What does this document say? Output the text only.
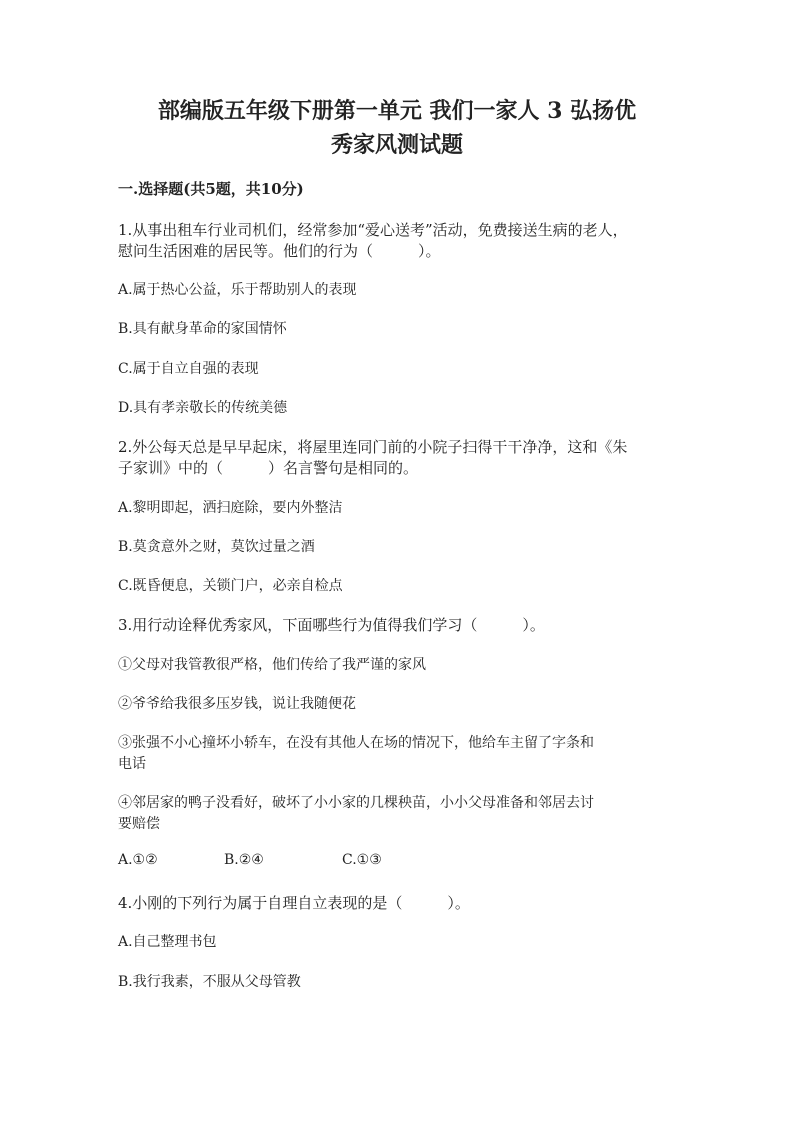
部编版五年级下册第一单元 我们一家人 3 弘扬优
秀家风测试题

一.选择题(共5题，共10分)

1.从事出租车行业司机们，经常参加“爱心送考”活动，免费接送生病的老人，

慰问生活困难的居民等。他们的行为（　　　）。

A.属于热心公益，乐于帮助别人的表现

B.具有献身革命的家国情怀

C.属于自立自强的表现

D.具有孝亲敬长的传统美德

2.外公每天总是早早起床，将屋里连同门前的小院子扫得干干净净，这和《朱

子家训》中的（　　　）名言警句是相同的。

A.黎明即起，洒扫庭除，要内外整洁

B.莫贪意外之财，莫饮过量之酒

C.既昏便息，关锁门户，必亲自检点

3.用行动诠释优秀家风，下面哪些行为值得我们学习（　　　）。

①父母对我管教很严格，他们传给了我严谨的家风

②爷爷给我很多压岁钱，说让我随便花

③张强不小心撞坏小轿车，在没有其他人在场的情况下，他给车主留了字条和

电话

④邻居家的鸭子没看好，破坏了小小家的几棵秧苗，小小父母准备和邻居去讨

要赔偿

A.①②	B.②④	C.①③

4.小刚的下列行为属于自理自立表现的是（　　　）。

A.自己整理书包

B.我行我素，不服从父母管教
